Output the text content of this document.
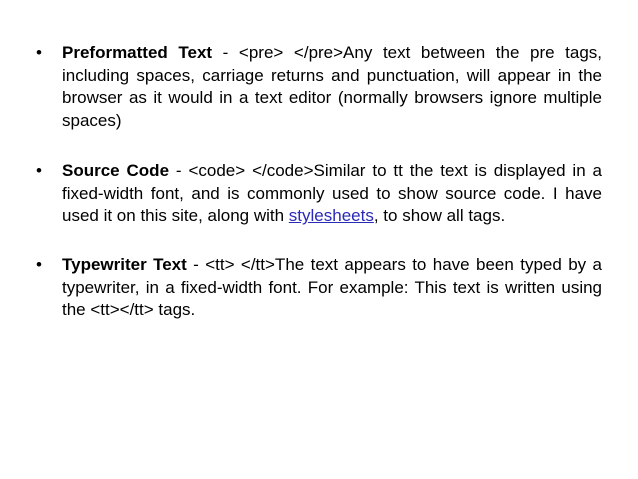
• Preformatted Text - <pre> </pre>Any text between the pre tags, including spaces, carriage returns and punctuation, will appear in the browser as it would in a text editor (normally browsers ignore multiple spaces)
• Source Code - <code> </code>Similar to tt the text is displayed in a fixed-width font, and is commonly used to show source code. I have used it on this site, along with stylesheets, to show all tags.
• Typewriter Text - <tt> </tt>The text appears to have been typed by a typewriter, in a fixed-width font. For example: This text is written using the <tt></tt> tags.
